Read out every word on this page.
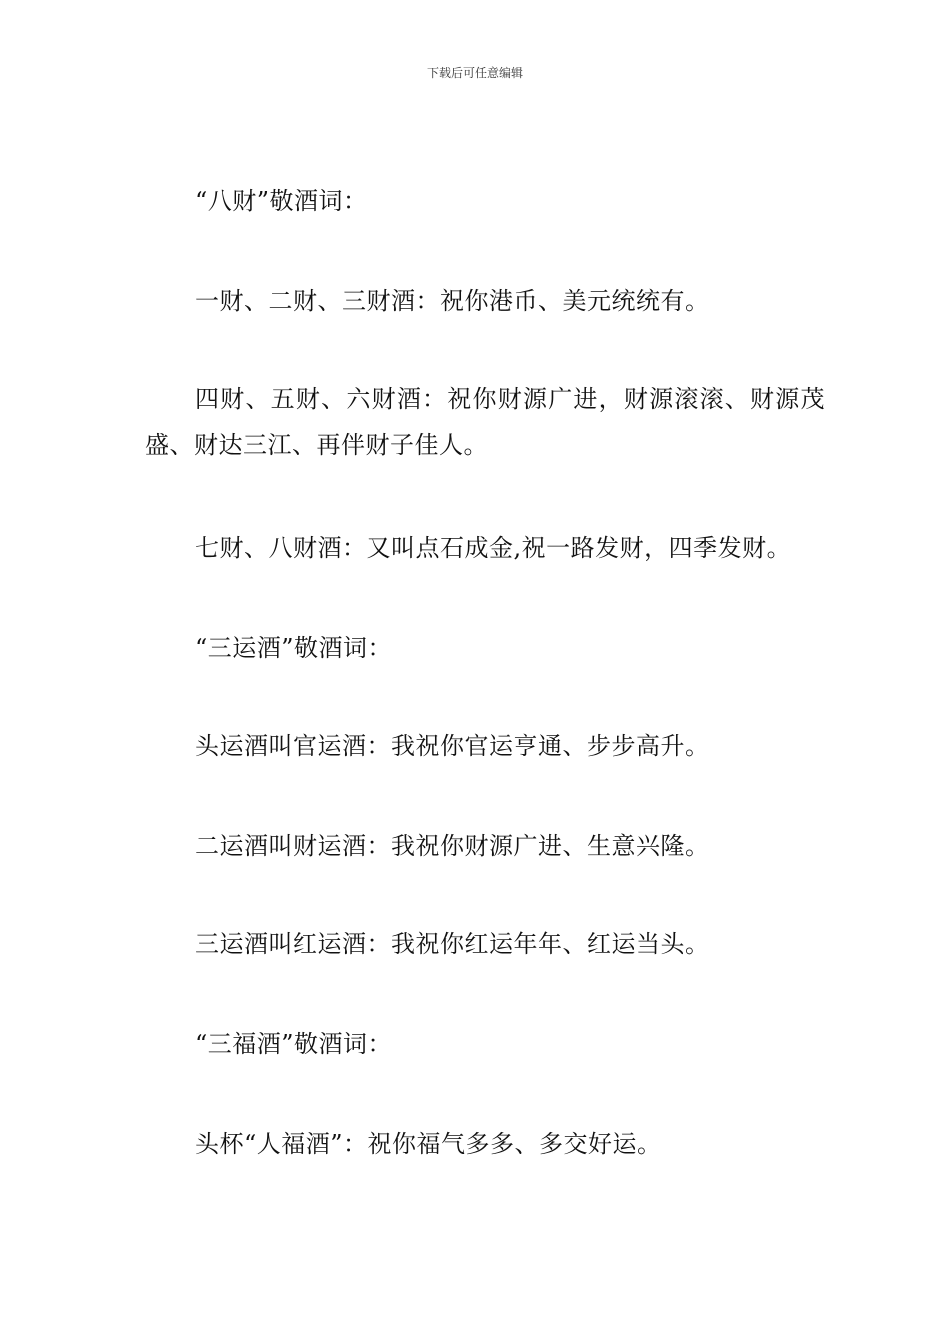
下载后可任意编辑

“八财”敬酒词：

一财、二财、三财酒：祝你港币、美元统统有。

四财、五财、六财酒：祝你财源广进，财源滚滚、财源茂盛、财达三江、再伴财子佳人。

七财、八财酒：又叫点石成金,祝一路发财，四季发财。

“三运酒”敬酒词：

头运酒叫官运酒：我祝你官运亨通、步步高升。

二运酒叫财运酒：我祝你财源广进、生意兴隆。

三运酒叫红运酒：我祝你红运年年、红运当头。

“三福酒”敬酒词：

头杯“人福酒”：祝你福气多多、多交好运。
